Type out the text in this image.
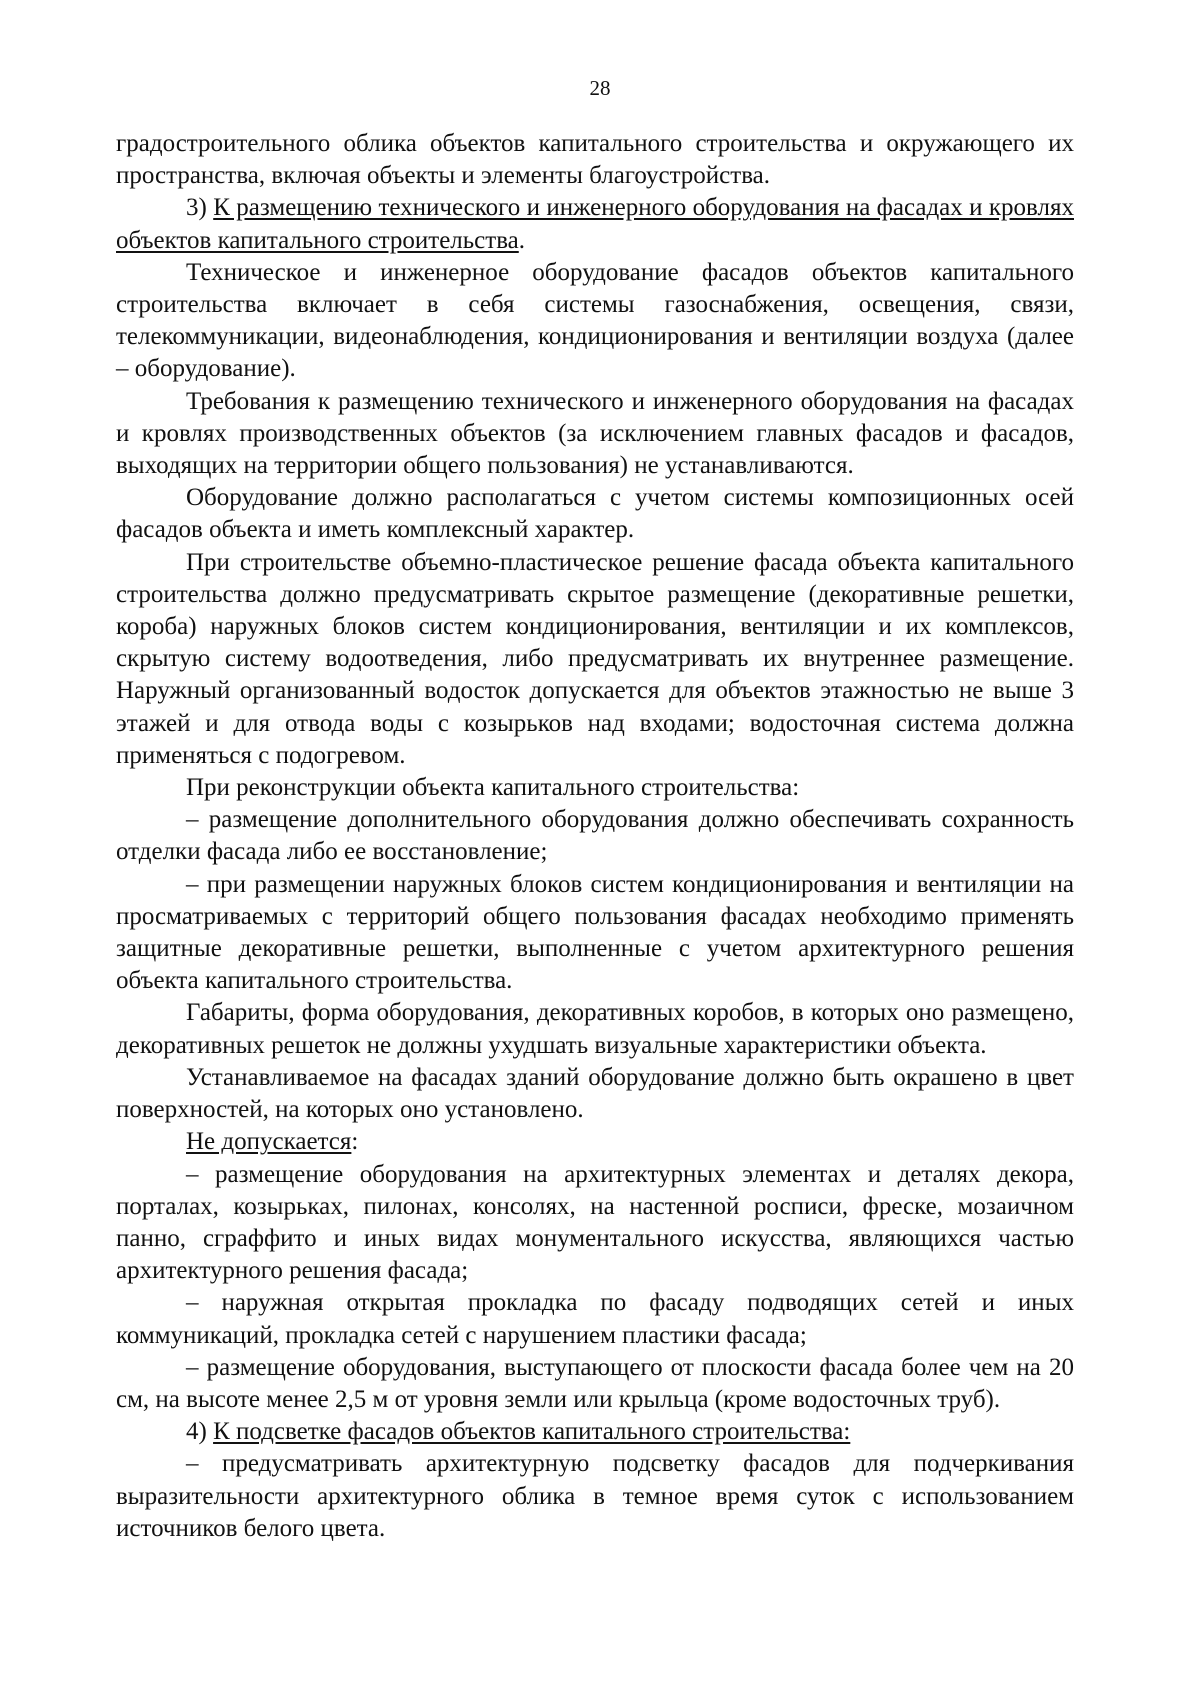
28

градостроительного облика объектов капитального строительства и окружающего их пространства, включая объекты и элементы благоустройства.

3) К размещению технического и инженерного оборудования на фасадах и кровлях объектов капитального строительства.

Техническое и инженерное оборудование фасадов объектов капитального строительства включает в себя системы газоснабжения, освещения, связи, телекоммуникации, видеонаблюдения, кондиционирования и вентиляции воздуха (далее – оборудование).

Требования к размещению технического и инженерного оборудования на фасадах и кровлях производственных объектов (за исключением главных фасадов и фасадов, выходящих на территории общего пользования) не устанавливаются.

Оборудование должно располагаться с учетом системы композиционных осей фасадов объекта и иметь комплексный характер.

При строительстве объемно-пластическое решение фасада объекта капитального строительства должно предусматривать скрытое размещение (декоративные решетки, короба) наружных блоков систем кондиционирования, вентиляции и их комплексов, скрытую систему водоотведения, либо предусматривать их внутреннее размещение. Наружный организованный водосток допускается для объектов этажностью не выше 3 этажей и для отвода воды с козырьков над входами; водосточная система должна применяться с подогревом.

При реконструкции объекта капитального строительства:

– размещение дополнительного оборудования должно обеспечивать сохранность отделки фасада либо ее восстановление;

– при размещении наружных блоков систем кондиционирования и вентиляции на просматриваемых с территорий общего пользования фасадах необходимо применять защитные декоративные решетки, выполненные с учетом архитектурного решения объекта капитального строительства.

Габариты, форма оборудования, декоративных коробов, в которых оно размещено, декоративных решеток не должны ухудшать визуальные характеристики объекта.

Устанавливаемое на фасадах зданий оборудование должно быть окрашено в цвет поверхностей, на которых оно установлено.

Не допускается:

– размещение оборудования на архитектурных элементах и деталях декора, порталах, козырьках, пилонах, консолях, на настенной росписи, фреске, мозаичном панно, сграффито и иных видах монументального искусства, являющихся частью архитектурного решения фасада;

– наружная открытая прокладка по фасаду подводящих сетей и иных коммуникаций, прокладка сетей с нарушением пластики фасада;

– размещение оборудования, выступающего от плоскости фасада более чем на 20 см, на высоте менее 2,5 м от уровня земли или крыльца (кроме водосточных труб).

4) К подсветке фасадов объектов капитального строительства:

– предусматривать архитектурную подсветку фасадов для подчеркивания выразительности архитектурного облика в темное время суток с использованием источников белого цвета.
